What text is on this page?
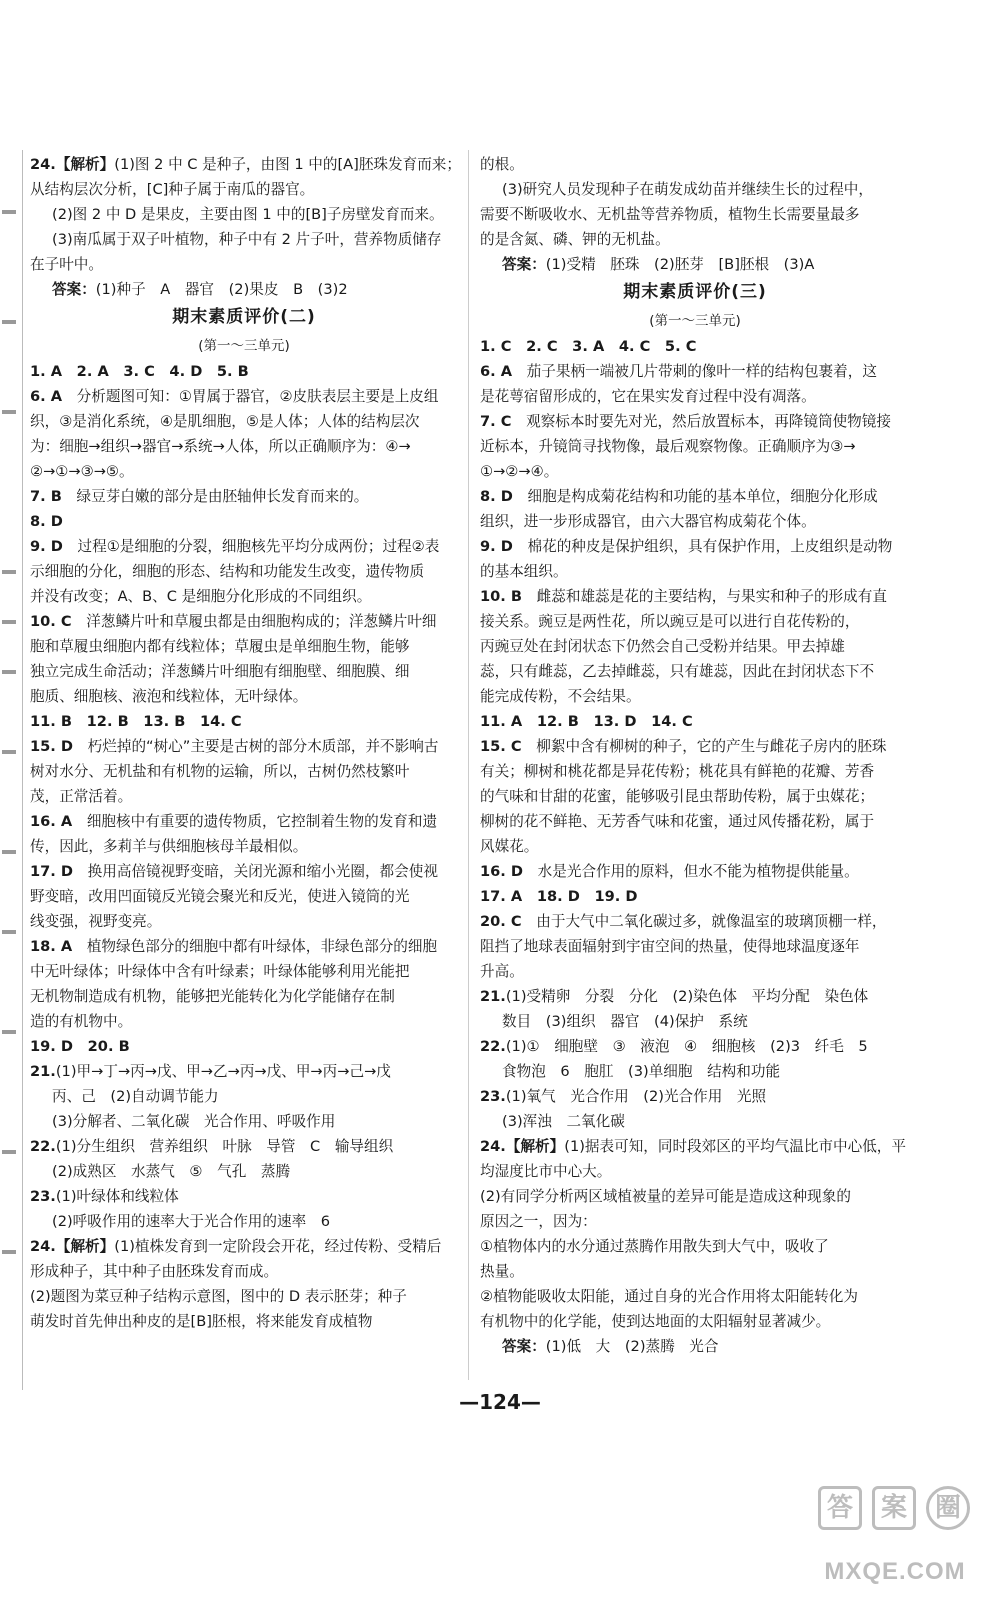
24.【解析】(1)图 2 中 C 是种子，由图 1 中的[A]胚珠发育而来；
从结构层次分析，[C]种子属于南瓜的器官。
(2)图 2 中 D 是果皮，主要由图 1 中的[B]子房壁发育而来。
(3)南瓜属于双子叶植物，种子中有 2 片子叶，营养物质储存
在子叶中。
答案：(1)种子　A　器官　(2)果皮　B　(3)2
期末素质评价(二)
(第一～三单元)
1. A　2. A　3. C　4. D　5. B
6. A　分析题图可知：①胃属于器官，②皮肤表层主要是上皮组
织，③是消化系统，④是肌细胞，⑤是人体；人体的结构层次
为：细胞→组织→器官→系统→人体，所以正确顺序为：④→
②→①→③→⑤。
7. B　绿豆芽白嫩的部分是由胚轴伸长发育而来的。
8. D
9. D　过程①是细胞的分裂，细胞核先平均分成两份；过程②表
示细胞的分化，细胞的形态、结构和功能发生改变，遗传物质
并没有改变；A、B、C 是细胞分化形成的不同组织。
10. C　洋葱鳞片叶和草履虫都是由细胞构成的；洋葱鳞片叶细
胞和草履虫细胞内都有线粒体；草履虫是单细胞生物，能够
独立完成生命活动；洋葱鳞片叶细胞有细胞壁、细胞膜、细
胞质、细胞核、液泡和线粒体，无叶绿体。
11. B　12. B　13. B　14. C
15. D　朽烂掉的“树心”主要是古树的部分木质部，并不影响古
树对水分、无机盐和有机物的运输，所以，古树仍然枝繁叶
茂，正常活着。
16. A　细胞核中有重要的遗传物质，它控制着生物的发育和遗
传，因此，多莉羊与供细胞核母羊最相似。
17. D　换用高倍镜视野变暗，关闭光源和缩小光圈，都会使视
野变暗，改用凹面镜反光镜会聚光和反光，使进入镜筒的光
线变强，视野变亮。
18. A　植物绿色部分的细胞中都有叶绿体，非绿色部分的细胞
中无叶绿体；叶绿体中含有叶绿素；叶绿体能够利用光能把
无机物制造成有机物，能够把光能转化为化学能储存在制
造的有机物中。
19. D　20. B
21.(1)甲→丁→丙→戊、甲→乙→丙→戊、甲→丙→己→戊
丙、己　(2)自动调节能力
(3)分解者、二氧化碳　光合作用、呼吸作用
22.(1)分生组织　营养组织　叶脉　导管　C　输导组织
(2)成熟区　水蒸气　⑤　气孔　蒸腾
23.(1)叶绿体和线粒体
(2)呼吸作用的速率大于光合作用的速率　6
24.【解析】(1)植株发育到一定阶段会开花，经过传粉、受精后
形成种子，其中种子由胚珠发育而成。
(2)题图为菜豆种子结构示意图，图中的 D 表示胚芽；种子
萌发时首先伸出种皮的是[B]胚根，将来能发育成植物
的根。
(3)研究人员发现种子在萌发成幼苗并继续生长的过程中，
需要不断吸收水、无机盐等营养物质，植物生长需要量最多
的是含氮、磷、钾的无机盐。
答案：(1)受精　胚珠　(2)胚芽　[B]胚根　(3)A
期末素质评价(三)
(第一～三单元)
1. C　2. C　3. A　4. C　5. C
6. A　茄子果柄一端被几片带刺的像叶一样的结构包裹着，这
是花萼宿留形成的，它在果实发育过程中没有凋落。
7. C　观察标本时要先对光，然后放置标本，再降镜筒使物镜接
近标本，升镜筒寻找物像，最后观察物像。正确顺序为③→
①→②→④。
8. D　细胞是构成菊花结构和功能的基本单位，细胞分化形成
组织，进一步形成器官，由六大器官构成菊花个体。
9. D　棉花的种皮是保护组织，具有保护作用，上皮组织是动物
的基本组织。
10. B　雌蕊和雄蕊是花的主要结构，与果实和种子的形成有直
接关系。豌豆是两性花，所以豌豆是可以进行自花传粉的，
丙豌豆处在封闭状态下仍然会自己受粉并结果。甲去掉雄
蕊，只有雌蕊，乙去掉雌蕊，只有雄蕊，因此在封闭状态下不
能完成传粉，不会结果。
11. A　12. B　13. D　14. C
15. C　柳絮中含有柳树的种子，它的产生与雌花子房内的胚珠
有关；柳树和桃花都是异花传粉；桃花具有鲜艳的花瓣、芳香
的气味和甘甜的花蜜，能够吸引昆虫帮助传粉，属于虫媒花；
柳树的花不鲜艳、无芳香气味和花蜜，通过风传播花粉，属于
风媒花。
16. D　水是光合作用的原料，但水不能为植物提供能量。
17. A　18. D　19. D
20. C　由于大气中二氧化碳过多，就像温室的玻璃顶棚一样，
阻挡了地球表面辐射到宇宙空间的热量，使得地球温度逐年
升高。
21.(1)受精卵　分裂　分化　(2)染色体　平均分配　染色体
数目　(3)组织　器官　(4)保护　系统
22.(1)①　细胞壁　③　液泡　④　细胞核　(2)3　纤毛　5
食物泡　6　胞肛　(3)单细胞　结构和功能
23.(1)氧气　光合作用　(2)光合作用　光照
(3)浑浊　二氧化碳
24.【解析】(1)据表可知，同时段郊区的平均气温比市中心低，平
均湿度比市中心大。
(2)有同学分析两区域植被量的差异可能是造成这种现象的
原因之一，因为：
①植物体内的水分通过蒸腾作用散失到大气中，吸收了
热量。
②植物能吸收太阳能，通过自身的光合作用将太阳能转化为
有机物中的化学能，使到达地面的太阳辐射显著减少。
答案：(1)低　大　(2)蒸腾　光合
—124—
答	案	圈
MXQE.COM
